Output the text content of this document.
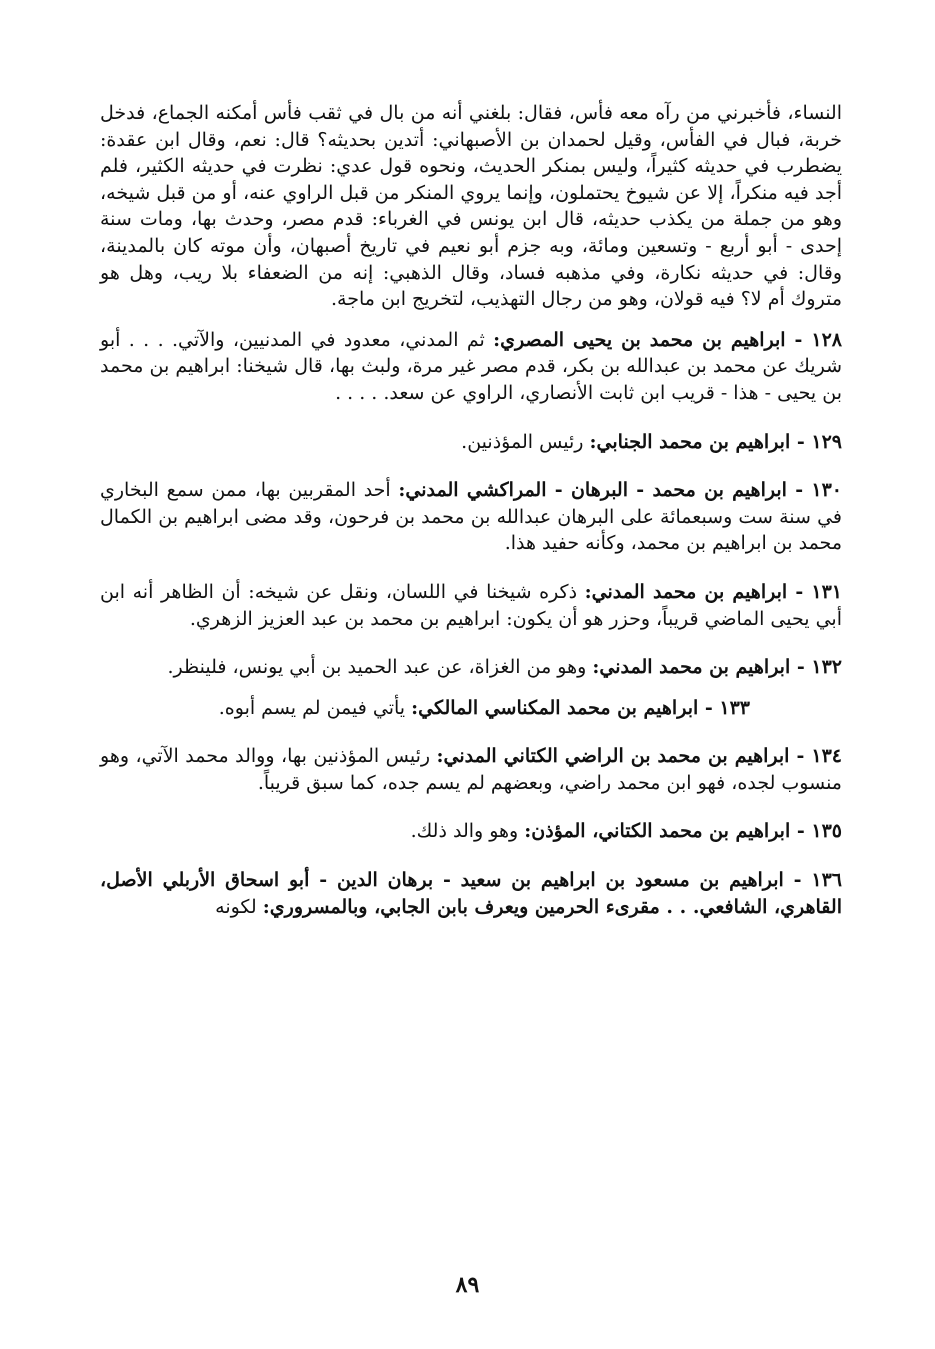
النساء، فأخبرني من رآه معه فأس، فقال: بلغني أنه من بال في ثقب فأس أمكنه الجماع، فدخل خربة، فبال في الفأس، وقيل لحمدان بن الأصبهاني: أتدين بحديثه؟ قال: نعم، وقال ابن عقدة: يضطرب في حديثه كثيراً، وليس بمنكر الحديث، ونحوه قول عدي: نظرت في حديثه الكثير، فلم أجد فيه منكراً، إلا عن شيوخ يحتملون، وإنما يروي المنكر من قبل الراوي عنه، أو من قبل شيخه، وهو من جملة من يكذب حديثه، قال ابن يونس في الغرباء: قدم مصر، وحدث بها، ومات سنة إحدى - أبو أربع - وتسعين ومائة، وبه جزم أبو نعيم في تاريخ أصبهان، وأن موته كان بالمدينة، وقال: في حديثه نكارة، وفي مذهبه فساد، وقال الذهبي: إنه من الضعفاء بلا ريب، وهل هو متروك أم لا؟ فيه قولان، وهو من رجال التهذيب، لتخريج ابن ماجة.

١٢٨ - ابراهيم بن محمد بن يحيى المصري: ثم المدني، معدود في المدنيين، والآتي. . . . أبو شريك عن محمد بن عبدالله بن بكر، قدم مصر غير مرة، ولبث بها، قال شيخنا: ابراهيم بن محمد بن يحيى - هذا - قريب ابن ثابت الأنصاري، الراوي عن سعد. . . . .

١٢٩ - ابراهيم بن محمد الجنابي: رئيس المؤذنين.

١٣٠ - ابراهيم بن محمد - البرهان - المراكشي المدني: أحد المقربين بها، ممن سمع البخاري في سنة ست وسبعمائة على البرهان عبدالله بن محمد بن فرحون، وقد مضى ابراهيم بن الكمال محمد بن ابراهيم بن محمد، وكأنه حفيد هذا.

١٣١ - ابراهيم بن محمد المدني: ذكره شيخنا في اللسان، ونقل عن شيخه: أن الظاهر أنه ابن أبي يحيى الماضي قريباً، وحزر هو أن يكون: ابراهيم بن محمد بن عبد العزيز الزهري.

١٣٢ - ابراهيم بن محمد المدني: وهو من الغزاة، عن عبد الحميد بن أبي يونس، فلينظر.

١٣٣ - ابراهيم بن محمد المكناسي المالكي: يأتي فيمن لم يسم أبوه.

١٣٤ - ابراهيم بن محمد بن الراضي الكتاني المدني: رئيس المؤذنين بها، ووالد محمد الآتي، وهو منسوب لجده، فهو ابن محمد راضي، وبعضهم لم يسم جده، كما سبق قريباً.

١٣٥ - ابراهيم بن محمد الكتاني، المؤذن: وهو والد ذلك.

١٣٦ - ابراهيم بن مسعود بن ابراهيم بن سعيد - برهان الدين - أبو اسحاق الأربلي الأصل، القاهري، الشافعي. . . مقرىء الحرمين ويعرف بابن الجابي، وبالمسروري: لكونه

٨٩
